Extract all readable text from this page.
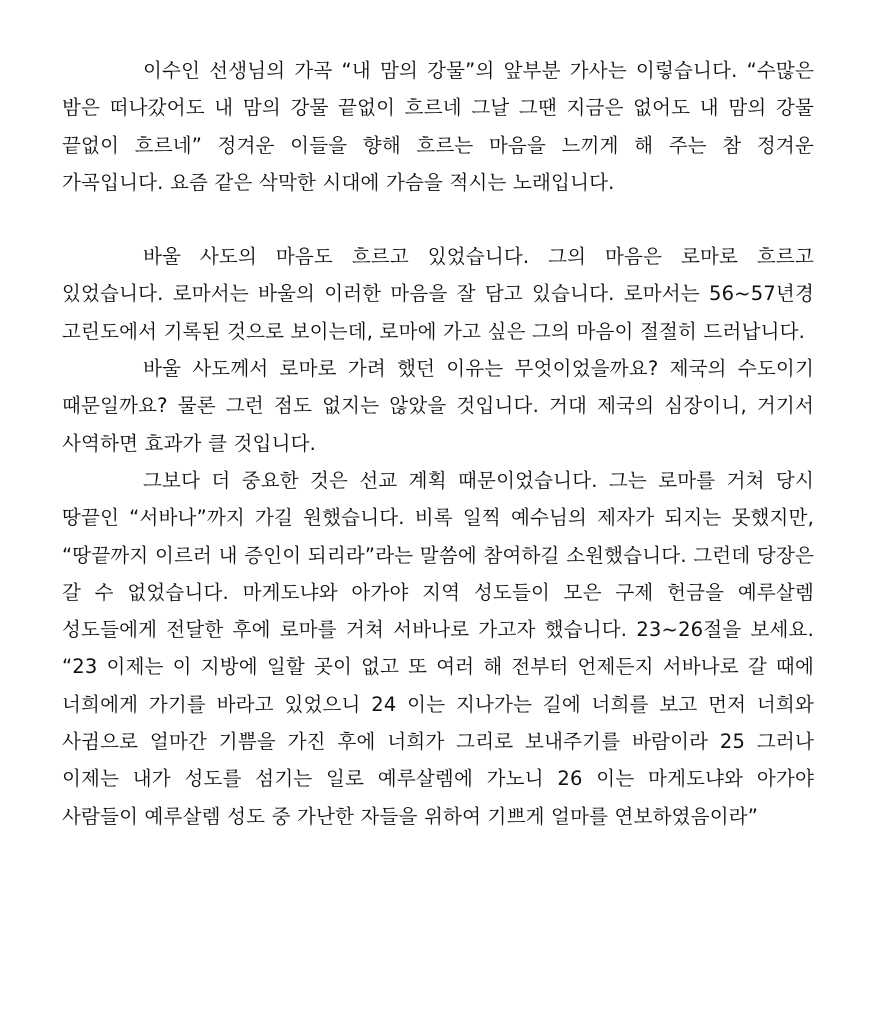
이수인 선생님의 가곡 “내 맘의 강물”의 앞부분 가사는 이렇습니다. “수많은 밤은 떠나갔어도 내 맘의 강물 끝없이 흐르네 그날 그땐 지금은 없어도 내 맘의 강물 끝없이 흐르네” 정겨운 이들을 향해 흐르는 마음을 느끼게 해 주는 참 정겨운 가곡입니다. 요즘 같은 삭막한 시대에 가슴을 적시는 노래입니다.

바울 사도의 마음도 흐르고 있었습니다. 그의 마음은 로마로 흐르고 있었습니다. 로마서는 바울의 이러한 마음을 잘 담고 있습니다. 로마서는 56~57년경 고린도에서 기록된 것으로 보이는데, 로마에 가고 싶은 그의 마음이 절절히 드러납니다.

바울 사도께서 로마로 가려 했던 이유는 무엇이었을까요? 제국의 수도이기 때문일까요? 물론 그런 점도 없지는 않았을 것입니다. 거대 제국의 심장이니, 거기서 사역하면 효과가 클 것입니다.

그보다 더 중요한 것은 선교 계획 때문이었습니다. 그는 로마를 거쳐 당시 땅끝인 “서바나”까지 가길 원했습니다. 비록 일찍 예수님의 제자가 되지는 못했지만, “땅끝까지 이르러 내 증인이 되리라”라는 말씀에 참여하길 소원했습니다. 그런데 당장은 갈 수 없었습니다. 마게도냐와 아가야 지역 성도들이 모은 구제 헌금을 예루살렘 성도들에게 전달한 후에 로마를 거쳐 서바나로 가고자 했습니다. 23~26절을 보세요. “23 이제는 이 지방에 일할 곳이 없고 또 여러 해 전부터 언제든지 서바나로 갈 때에 너희에게 가기를 바라고 있었으니 24 이는 지나가는 길에 너희를 보고 먼저 너희와 사귐으로 얼마간 기쁨을 가진 후에 너희가 그리로 보내주기를 바람이라 25 그러나 이제는 내가 성도를 섬기는 일로 예루살렘에 가노니 26 이는 마게도냐와 아가야 사람들이 예루살렘 성도 중 가난한 자들을 위하여 기쁘게 얼마를 연보하였음이라”
